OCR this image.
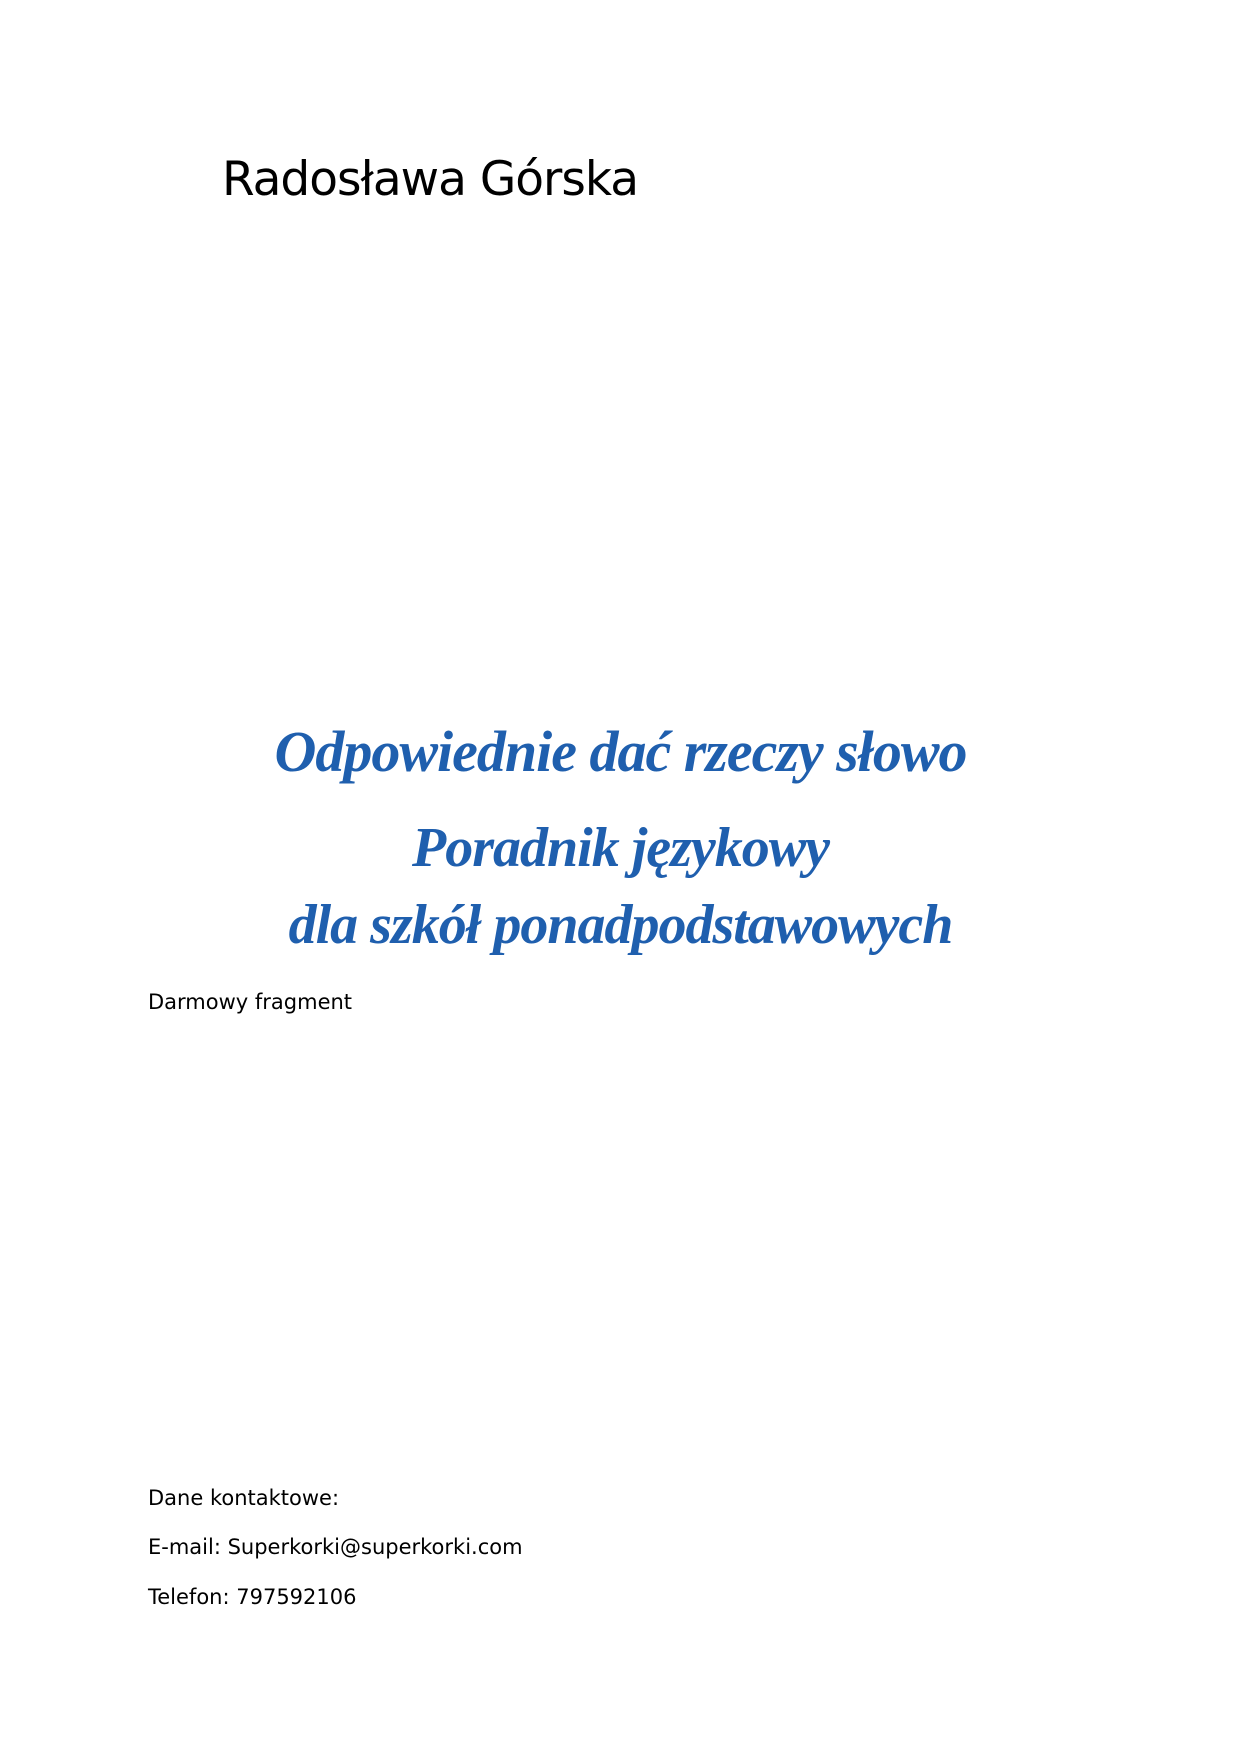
Radosława Górska
Odpowiednie dać rzeczy słowo
Poradnik językowy
dla szkół ponadpodstawowych
Darmowy fragment
Dane kontaktowe:
E-mail: Superkorki@superkorki.com
Telefon: 797592106
